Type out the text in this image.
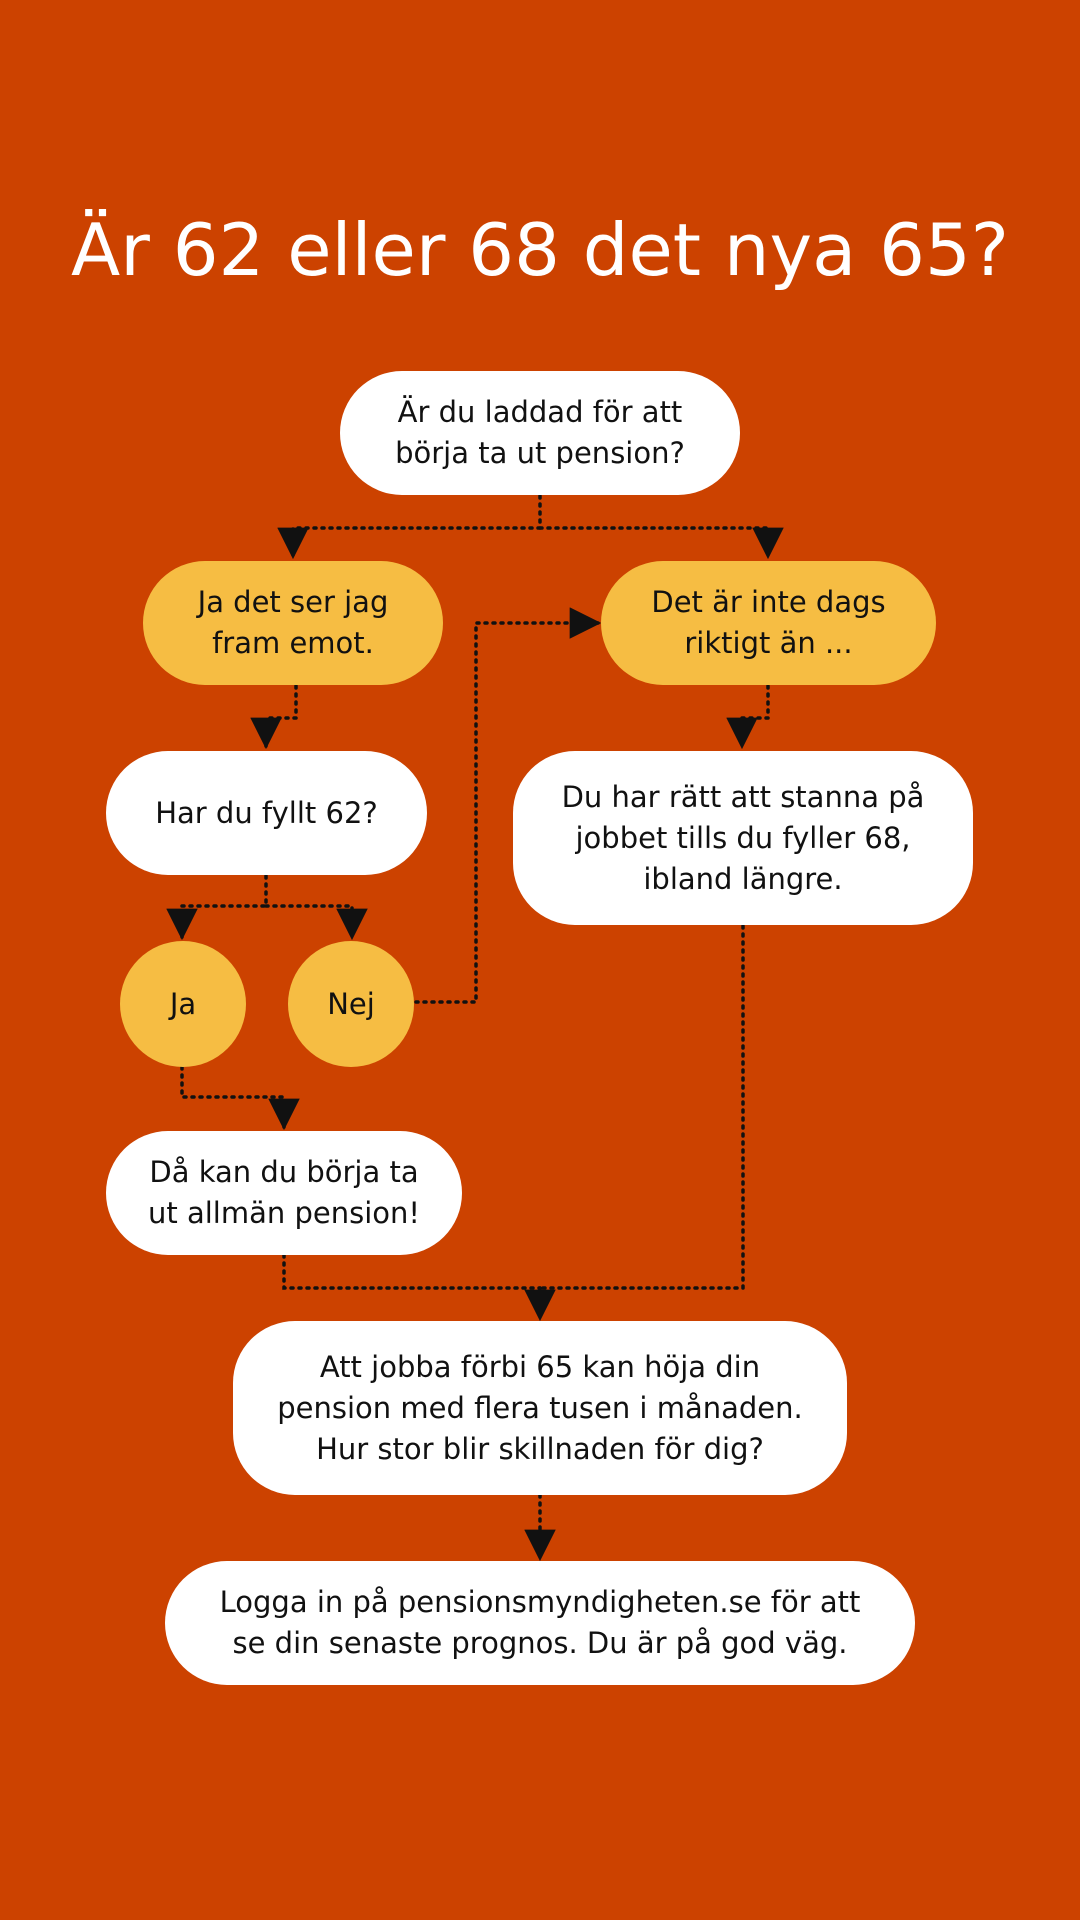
Är 62 eller 68 det nya 65?
Är du laddad för att
börja ta ut pension?
Ja det ser jag
fram emot.
Det är inte dags
riktigt än ...
Har du fyllt 62?	Du har rätt att stanna på
jobbet tills du fyller 68,
ibland längre.
Ja	Nej
Då kan du börja ta
ut allmän pension!
Att jobba förbi 65 kan höja din
pension med flera tusen i månaden.
Hur stor blir skillnaden för dig?
Logga in på pensionsmyndigheten.se för att
se din senaste prognos. Du är på god väg.
